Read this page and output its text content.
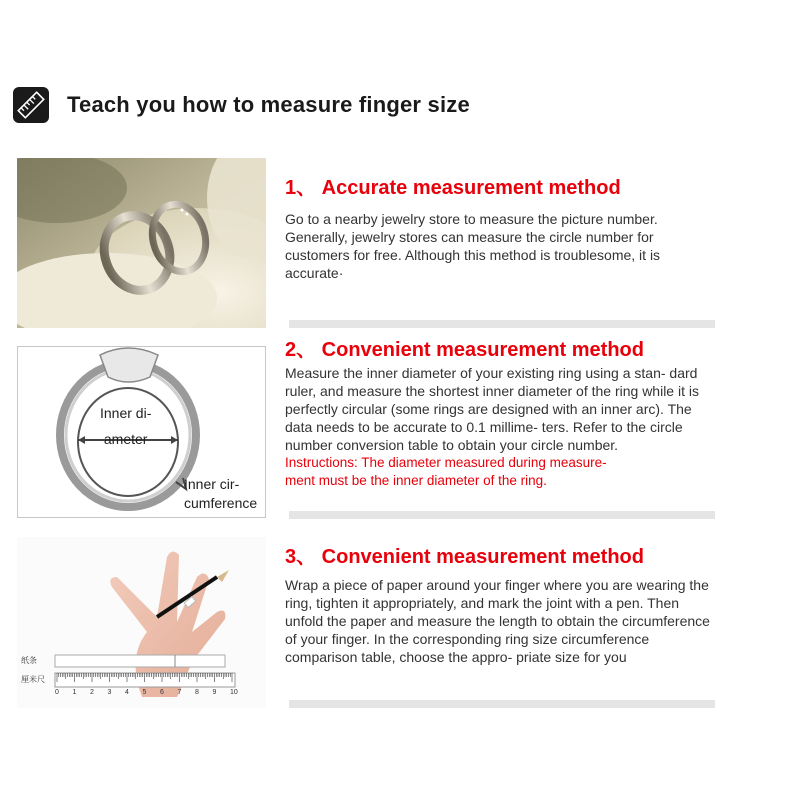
Teach you how to measure finger size
1、 Accurate measurement method
Go to a nearby jewelry store to measure the picture number. Generally, jewelry stores can measure the circle number for customers for free. Although this method is troublesome, it is accurate·
Inner di-
ameter
Inner cir-
cumference
2、 Convenient measurement method
Measure the inner diameter of your existing ring using a stan- dard ruler, and measure the shortest inner diameter of the ring while it is perfectly circular (some rings are designed with an inner arc). The data needs to be accurate to 0.1 millime- ters. Refer to the circle number conversion table to obtain your circle number.
Instructions: The diameter measured during measure-
ment must be the inner diameter of the ring.
纸条
厘米尺
0 1 2 3 4 5 6 7 8 9 10
3、 Convenient measurement method
Wrap a piece of paper around your finger where you are wearing the ring, tighten it appropriately, and mark the joint with a pen. Then unfold the paper and measure the length to obtain the circumference of your finger. In the corresponding ring size circumference comparison table, choose the appro- priate size for you
